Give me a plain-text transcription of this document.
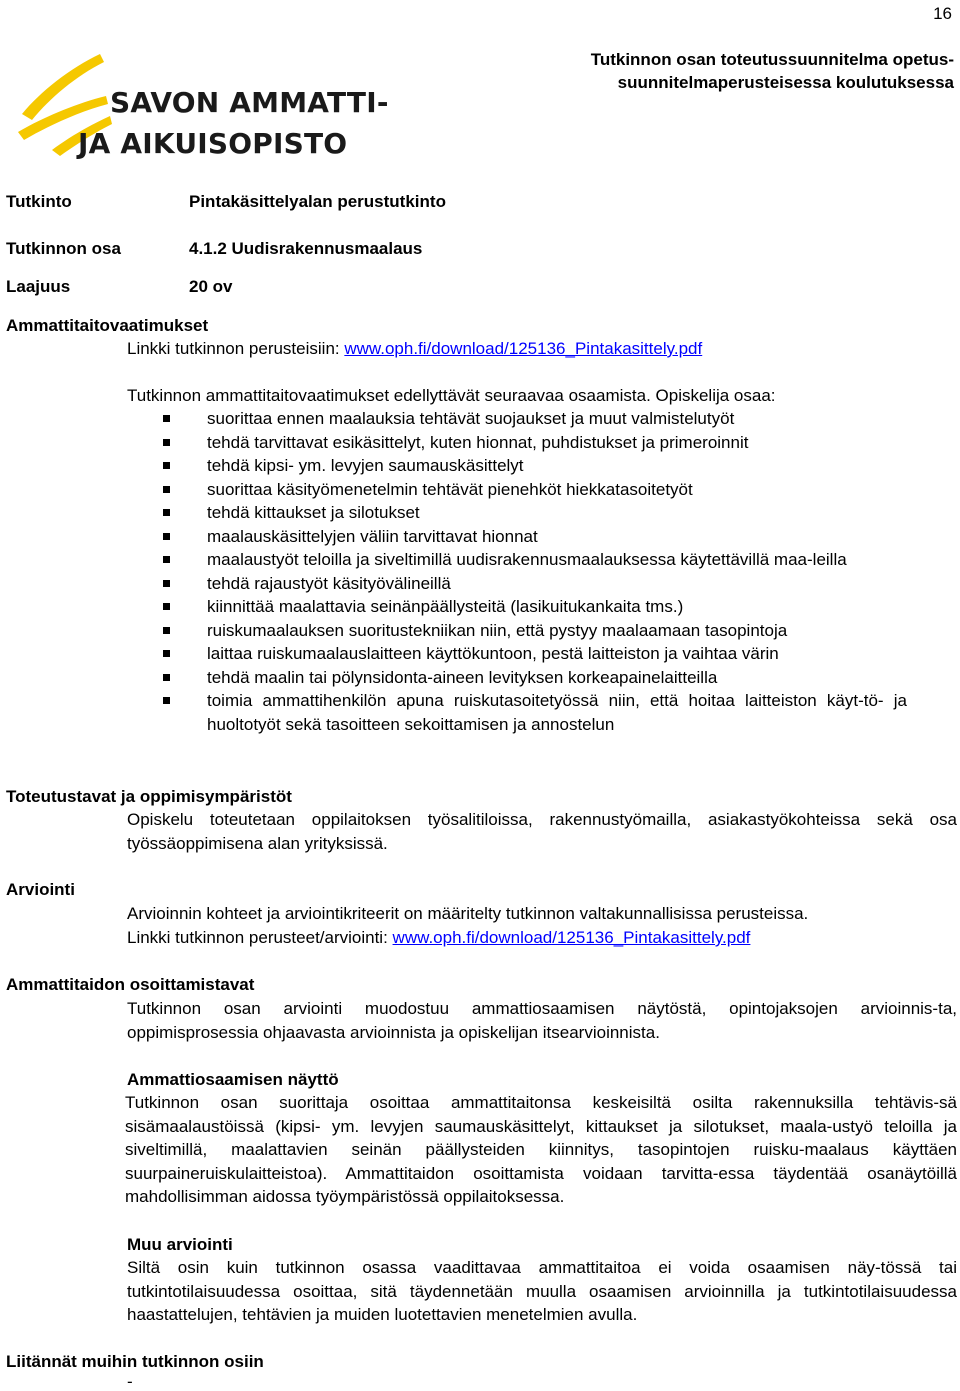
16
Tutkinnon osan toteutussuunnitelma opetus-suunnitelmaperusteisessa koulutuksessa
SAVON AMMATTI-
JA AIKUISOPISTO
Tutkinto	Pintakäsittelyalan perustutkinto
Tutkinnon osa	4.1.2 Uudisrakennusmaalaus
Laajuus	20 ov
Ammattitaitovaatimukset
Linkki tutkinnon perusteisiin: www.oph.fi/download/125136_Pintakasittely.pdf
Tutkinnon ammattitaitovaatimukset edellyttävät seuraavaa osaamista. Opiskelija osaa:
suorittaa ennen maalauksia tehtävät suojaukset ja muut valmistelutyöt
tehdä tarvittavat esikäsittelyt, kuten hionnat, puhdistukset ja primeroinnit
tehdä kipsi- ym. levyjen saumauskäsittelyt
suorittaa käsityömenetelmin tehtävät pienehköt hiekkatasoitetyöt
tehdä kittaukset ja silotukset
maalauskäsittelyjen väliin tarvittavat hionnat
maalaustyöt teloilla ja siveltimillä uudisrakennusmaalauksessa käytettävillä maa-leilla
tehdä rajaustyöt käsityövälineillä
kiinnittää maalattavia seinänpäällysteitä (lasikuitukankaita tms.)
ruiskumaalauksen suoritustekniikan niin, että pystyy maalaamaan tasopintoja
laittaa ruiskumaalauslaitteen käyttökuntoon, pestä laitteiston ja vaihtaa värin
tehdä maalin tai pölynsidonta-aineen levityksen korkeapainelaitteilla
toimia ammattihenkilön apuna ruiskutasoitetyössä niin, että hoitaa laitteiston käyt-tö- ja huoltotyöt sekä tasoitteen sekoittamisen ja annostelun
Toteutustavat ja oppimisympäristöt
Opiskelu toteutetaan oppilaitoksen työsalitiloissa, rakennustyömailla, asiakastyökohteissa sekä osa työssäoppimisena alan yrityksissä.
Arviointi
Arvioinnin kohteet ja arviointikriteerit on määritelty tutkinnon valtakunnallisissa perusteissa.
Linkki tutkinnon perusteet/arviointi: www.oph.fi/download/125136_Pintakasittely.pdf
Ammattitaidon osoittamistavat
Tutkinnon osan arviointi muodostuu ammattiosaamisen näytöstä, opintojaksojen arvioinnis-ta, oppimisprosessia ohjaavasta arvioinnista ja opiskelijan itsearvioinnista.
Ammattiosaamisen näyttö
Tutkinnon osan suorittaja osoittaa ammattitaitonsa keskeisiltä osilta rakennuksilla tehtävis-sä sisämaalaustöissä (kipsi- ym. levyjen saumauskäsittelyt, kittaukset ja silotukset, maala-ustyö teloilla ja siveltimillä, maalattavien seinän päällysteiden kiinnitys, tasopintojen ruisku-maalaus käyttäen suurpaineruiskulaitteistoa). Ammattitaidon osoittamista voidaan tarvitta-essa täydentää osanäytöillä mahdollisimman aidossa työympäristössä oppilaitoksessa.
Muu arviointi
Siltä osin kuin tutkinnon osassa vaadittavaa ammattitaitoa ei voida osaamisen näy-tössä tai tutkintotilaisuudessa osoittaa, sitä täydennetään muulla osaamisen arvioinnilla ja tutkintotilaisuudessa haastattelujen, tehtävien ja muiden luotettavien menetelmien avulla.
Liitännät muihin tutkinnon osiin
-
